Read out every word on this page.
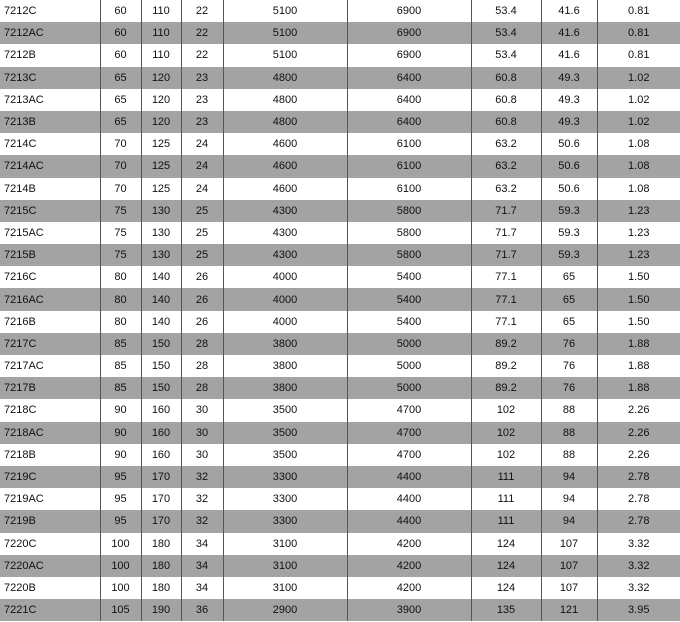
7212C	60	110	22	5100	6900	53.4	41.6	0.81
7212AC	60	110	22	5100	6900	53.4	41.6	0.81
7212B	60	110	22	5100	6900	53.4	41.6	0.81
7213C	65	120	23	4800	6400	60.8	49.3	1.02
7213AC	65	120	23	4800	6400	60.8	49.3	1.02
7213B	65	120	23	4800	6400	60.8	49.3	1.02
7214C	70	125	24	4600	6100	63.2	50.6	1.08
7214AC	70	125	24	4600	6100	63.2	50.6	1.08
7214B	70	125	24	4600	6100	63.2	50.6	1.08
7215C	75	130	25	4300	5800	71.7	59.3	1.23
7215AC	75	130	25	4300	5800	71.7	59.3	1.23
7215B	75	130	25	4300	5800	71.7	59.3	1.23
7216C	80	140	26	4000	5400	77.1	65	1.50
7216AC	80	140	26	4000	5400	77.1	65	1.50
7216B	80	140	26	4000	5400	77.1	65	1.50
7217C	85	150	28	3800	5000	89.2	76	1.88
7217AC	85	150	28	3800	5000	89.2	76	1.88
7217B	85	150	28	3800	5000	89.2	76	1.88
7218C	90	160	30	3500	4700	102	88	2.26
7218AC	90	160	30	3500	4700	102	88	2.26
7218B	90	160	30	3500	4700	102	88	2.26
7219C	95	170	32	3300	4400	111	94	2.78
7219AC	95	170	32	3300	4400	111	94	2.78
7219B	95	170	32	3300	4400	111	94	2.78
7220C	100	180	34	3100	4200	124	107	3.32
7220AC	100	180	34	3100	4200	124	107	3.32
7220B	100	180	34	3100	4200	124	107	3.32
7221C	105	190	36	2900	3900	135	121	3.95
